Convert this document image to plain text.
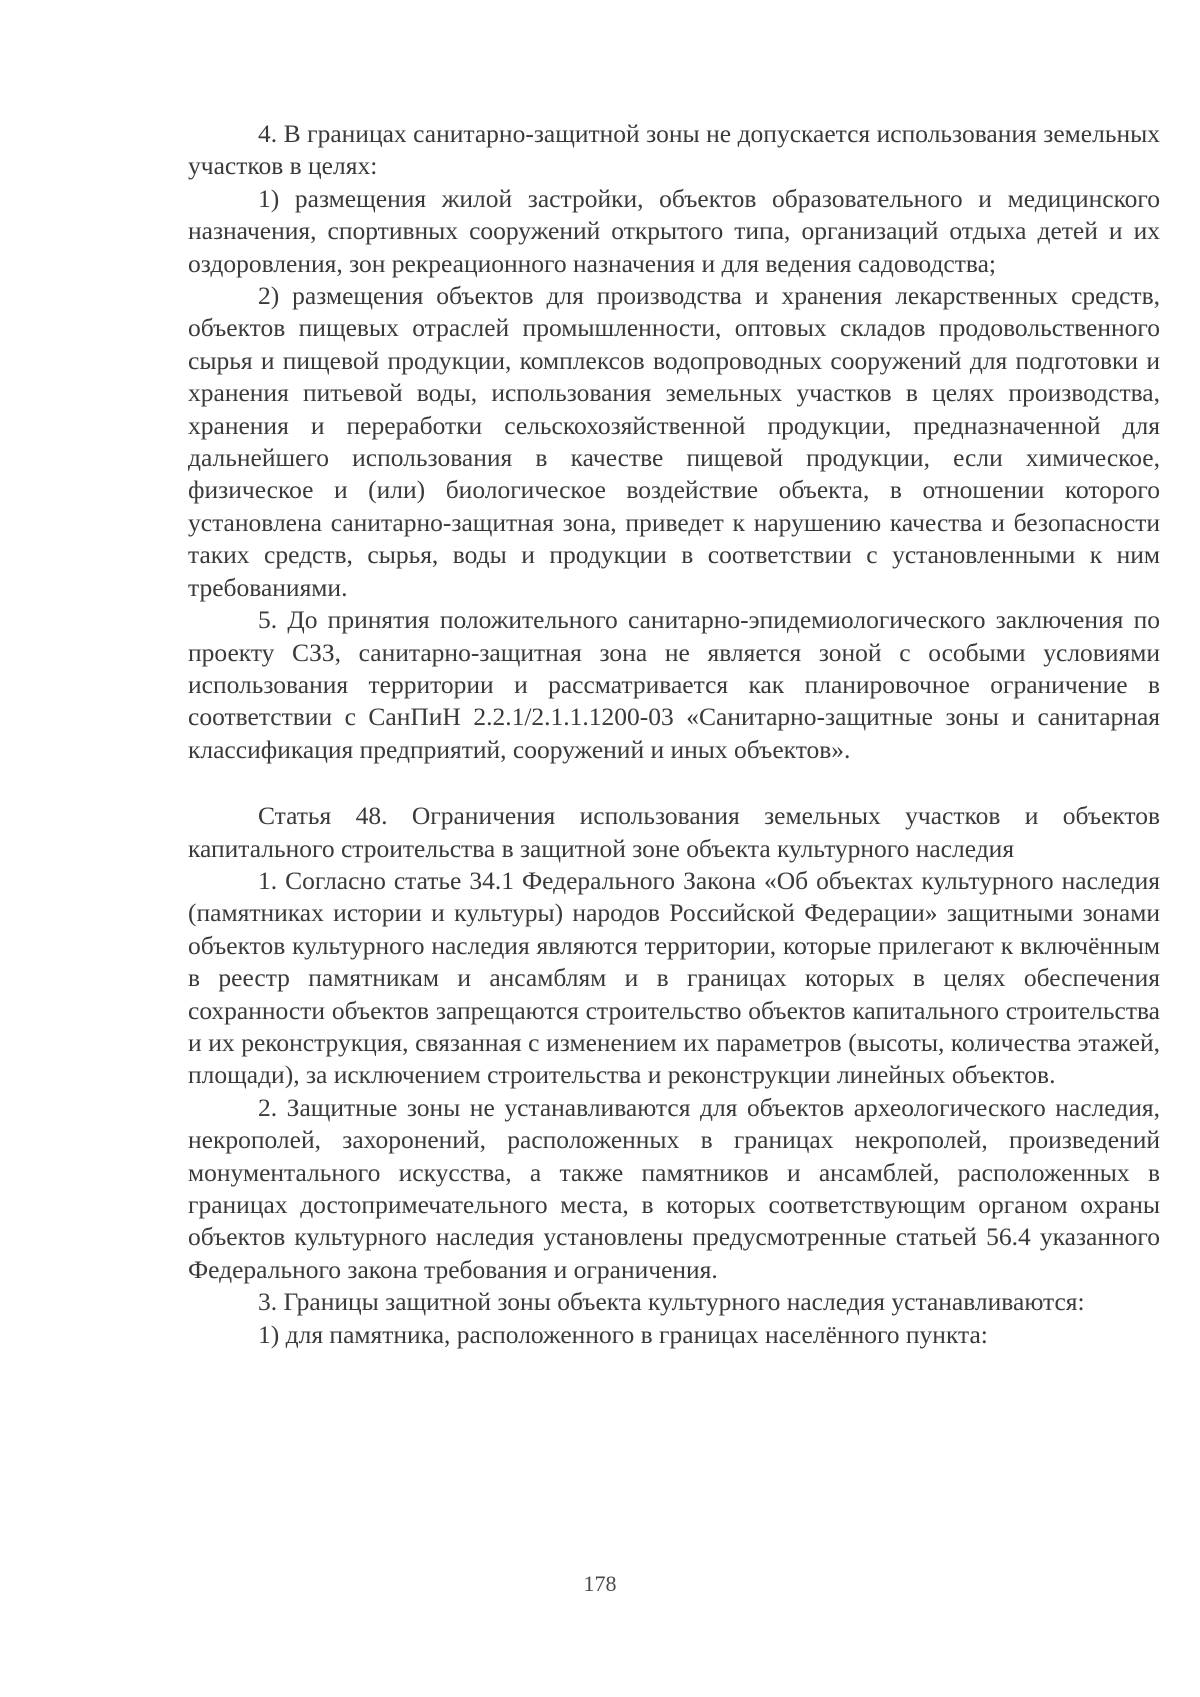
4. В границах санитарно-защитной зоны не допускается использования земельных участков в целях:

1) размещения жилой застройки, объектов образовательного и медицинского назначения, спортивных сооружений открытого типа, организаций отдыха детей и их оздоровления, зон рекреационного назначения и для ведения садоводства;

2) размещения объектов для производства и хранения лекарственных средств, объектов пищевых отраслей промышленности, оптовых складов продовольственного сырья и пищевой продукции, комплексов водопроводных сооружений для подготовки и хранения питьевой воды, использования земельных участков в целях производства, хранения и переработки сельскохозяйственной продукции, предназначенной для дальнейшего использования в качестве пищевой продукции, если химическое, физическое и (или) биологическое воздействие объекта, в отношении которого установлена санитарно-защитная зона, приведет к нарушению качества и безопасности таких средств, сырья, воды и продукции в соответствии с установленными к ним требованиями.

5. До принятия положительного санитарно-эпидемиологического заключения по проекту СЗЗ, санитарно-защитная зона не является зоной с особыми условиями использования территории и рассматривается как планировочное ограничение в соответствии с СанПиН 2.2.1/2.1.1.1200-03 «Санитарно-защитные зоны и санитарная классификация предприятий, сооружений и иных объектов».

Статья 48. Ограничения использования земельных участков и объектов капитального строительства в защитной зоне объекта культурного наследия

1. Согласно статье 34.1 Федерального Закона «Об объектах культурного наследия (памятниках истории и культуры) народов Российской Федерации» защитными зонами объектов культурного наследия являются территории, которые прилегают к включённым в реестр памятникам и ансамблям и в границах которых в целях обеспечения сохранности объектов запрещаются строительство объектов капитального строительства и их реконструкция, связанная с изменением их параметров (высоты, количества этажей, площади), за исключением строительства и реконструкции линейных объектов.

2. Защитные зоны не устанавливаются для объектов археологического наследия, некрополей, захоронений, расположенных в границах некрополей, произведений монументального искусства, а также памятников и ансамблей, расположенных в границах достопримечательного места, в которых соответствующим органом охраны объектов культурного наследия установлены предусмотренные статьей 56.4 указанного Федерального закона требования и ограничения.

3. Границы защитной зоны объекта культурного наследия устанавливаются:

1) для памятника, расположенного в границах населённого пункта:

178
